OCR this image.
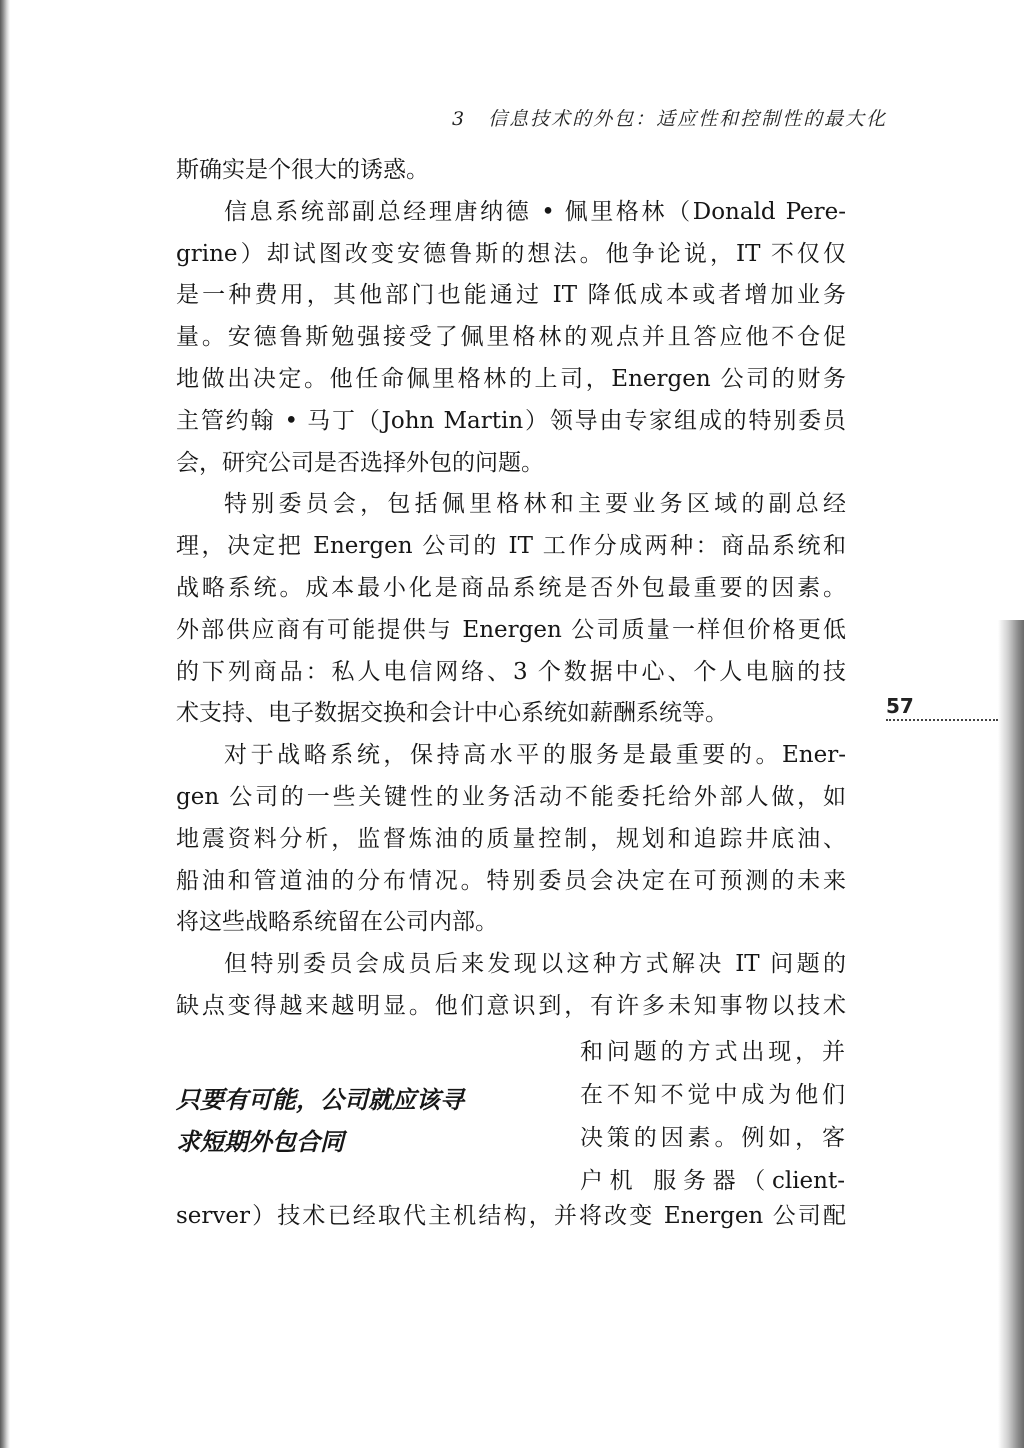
3 信息技术的外包：适应性和控制性的最大化
斯确实是个很大的诱惑。
信息系统部副总经理唐纳德 • 佩里格林（Donald Pere-
grine）却试图改变安德鲁斯的想法。他争论说，IT 不仅仅
是一种费用，其他部门也能通过 IT 降低成本或者增加业务
量。安德鲁斯勉强接受了佩里格林的观点并且答应他不仓促
地做出决定。他任命佩里格林的上司，Energen 公司的财务
主管约翰 • 马丁（John Martin）领导由专家组成的特别委员
会，研究公司是否选择外包的问题。
特别委员会，包括佩里格林和主要业务区域的副总经
理，决定把 Energen 公司的 IT 工作分成两种：商品系统和
战略系统。成本最小化是商品系统是否外包最重要的因素。
外部供应商有可能提供与 Energen 公司质量一样但价格更低
的下列商品：私人电信网络、3 个数据中心、个人电脑的技
术支持、电子数据交换和会计中心系统如薪酬系统等。
对于战略系统，保持高水平的服务是最重要的。Ener-
gen 公司的一些关键性的业务活动不能委托给外部人做，如
地震资料分析，监督炼油的质量控制，规划和追踪井底油、
船油和管道油的分布情况。特别委员会决定在可预测的未来
将这些战略系统留在公司内部。
但特别委员会成员后来发现以这种方式解决 IT 问题的
缺点变得越来越明显。他们意识到，有许多未知事物以技术
只要有可能，公司就应该寻
求短期外包合同
和问题的方式出现，并
在不知不觉中成为他们
决策的因素。例如，客
户机 服务器（client-
server）技术已经取代主机结构，并将改变 Energen 公司配
57
